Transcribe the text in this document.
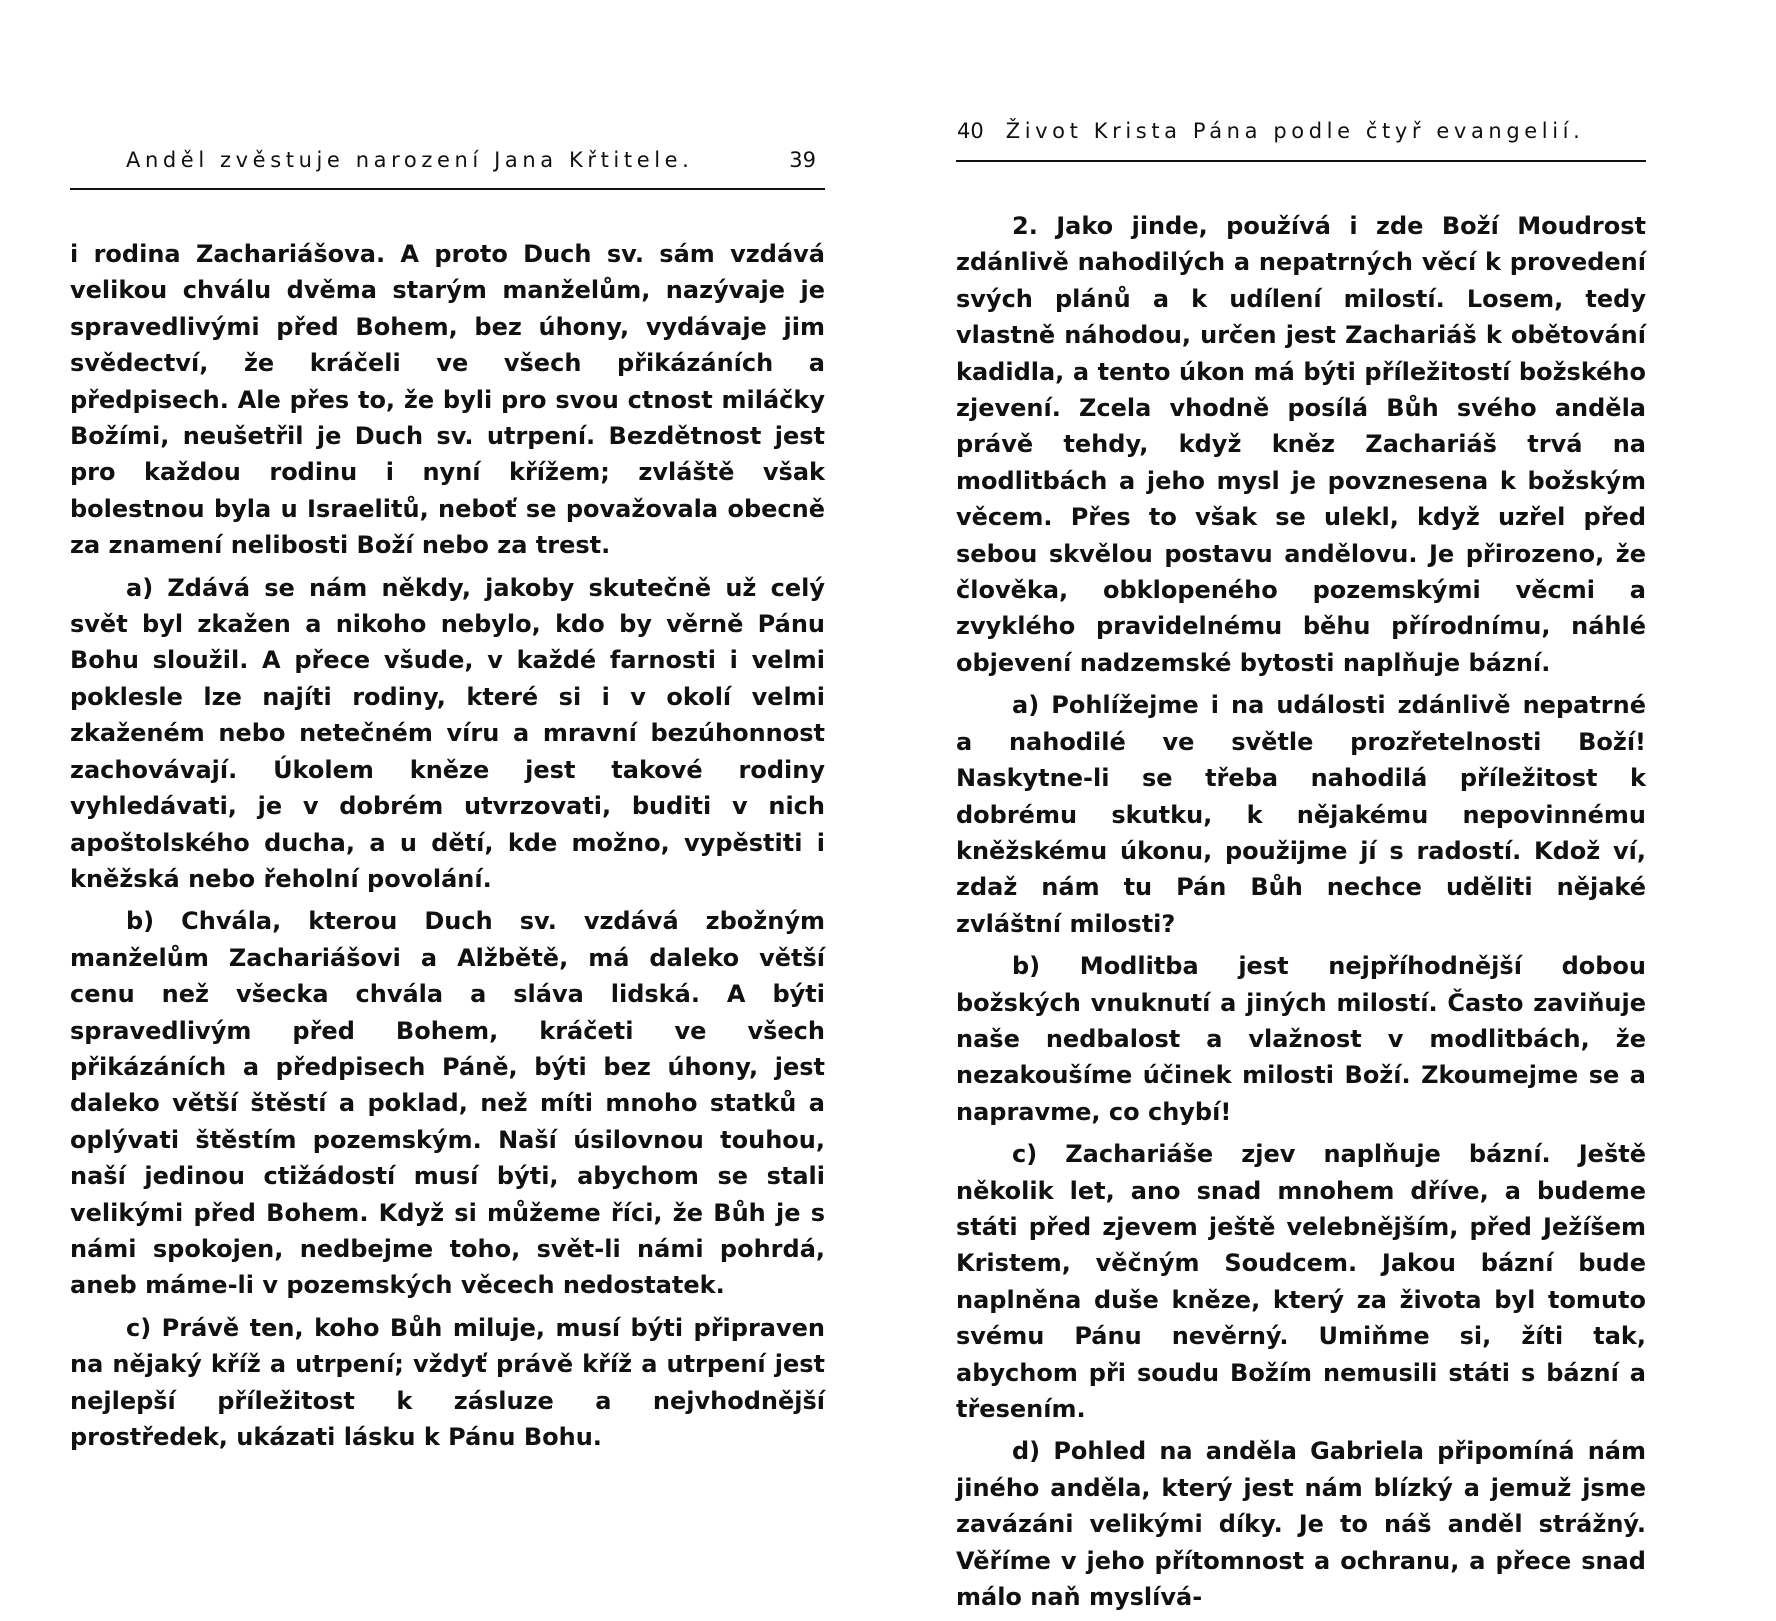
Anděl zvěstuje narození Jana Křtitele.	39

i rodina Zachariášova. A proto Duch sv. sám vzdává velikou chválu dvěma starým manželům, nazývaje je spravedlivými před Bohem, bez úhony, vydávaje jim svědectví, že kráčeli ve všech přikázáních a předpisech. Ale přes to, že byli pro svou ctnost miláčky Božími, neušetřil je Duch sv. utrpení. Bezdětnost jest pro každou rodinu i nyní křížem; zvláště však bolestnou byla u Israelitů, neboť se považovala obecně za znamení nelibosti Boží nebo za trest.

a) Zdává se nám někdy, jakoby skutečně už celý svět byl zkažen a nikoho nebylo, kdo by věrně Pánu Bohu sloužil. A přece všude, v každé farnosti i velmi poklesle lze najíti rodiny, které si i v okolí velmi zkaženém nebo netečném víru a mravní bezúhonnost zachovávají. Úkolem kněze jest takové rodiny vyhledávati, je v dobrém utvrzovati, buditi v nich apoštolského ducha, a u dětí, kde možno, vypěstiti i kněžská nebo řeholní povolání.

b) Chvála, kterou Duch sv. vzdává zbožným manželům Zachariášovi a Alžbětě, má daleko větší cenu než všecka chvála a sláva lidská. A býti spravedlivým před Bohem, kráčeti ve všech přikázáních a předpisech Páně, býti bez úhony, jest daleko větší štěstí a poklad, než míti mnoho statků a oplývati štěstím pozemským. Naší úsilovnou touhou, naší jedinou ctižádostí musí býti, abychom se stali velikými před Bohem. Když si můžeme říci, že Bůh je s námi spokojen, nedbejme toho, svět-li námi pohrdá, aneb máme-li v pozemských věcech nedostatek.

c) Právě ten, koho Bůh miluje, musí býti připraven na nějaký kříž a utrpení; vždyť právě kříž a utrpení jest nejlepší příležitost k zásluze a nejvhodnější prostředek, ukázati lásku k Pánu Bohu.

40 Život Krista Pána podle čtyř evangelií.

2. Jako jinde, používá i zde Boží Moudrost zdánlivě nahodilých a nepatrných věcí k provedení svých plánů a k udílení milostí. Losem, tedy vlastně náhodou, určen jest Zachariáš k obětování kadidla, a tento úkon má býti příležitostí božského zjevení. Zcela vhodně posílá Bůh svého anděla právě tehdy, když kněz Zachariáš trvá na modlitbách a jeho mysl je povznesena k božským věcem. Přes to však se ulekl, když uzřel před sebou skvělou postavu andělovu. Je přirozeno, že člověka, obklopeného pozemskými věcmi a zvyklého pravidelnému běhu přírodnímu, náhlé objevení nadzemské bytosti naplňuje bázní.

a) Pohlížejme i na události zdánlivě nepatrné a nahodilé ve světle prozřetelnosti Boží! Naskytne-li se třeba nahodilá příležitost k dobrému skutku, k nějakému nepovinnému kněžskému úkonu, použijme jí s radostí. Kdož ví, zdaž nám tu Pán Bůh nechce uděliti nějaké zvláštní milosti?

b) Modlitba jest nejpříhodnější dobou božských vnuknutí a jiných milostí. Často zaviňuje naše nedbalost a vlažnost v modlitbách, že nezakoušíme účinek milosti Boží. Zkoumejme se a napravme, co chybí!

c) Zachariáše zjev naplňuje bázní. Ještě několik let, ano snad mnohem dříve, a budeme státi před zjevem ještě velebnějším, před Ježíšem Kristem, věčným Soudcem. Jakou bázní bude naplněna duše kněze, který za života byl tomuto svému Pánu nevěrný. Umiňme si, žíti tak, abychom při soudu Božím nemusili státi s bázní a třesením.

d) Pohled na anděla Gabriela připomíná nám jiného anděla, který jest nám blízký a jemuž jsme zavázáni velikými díky. Je to náš anděl strážný. Věříme v jeho přítomnost a ochranu, a přece snad málo naň myslívá-
